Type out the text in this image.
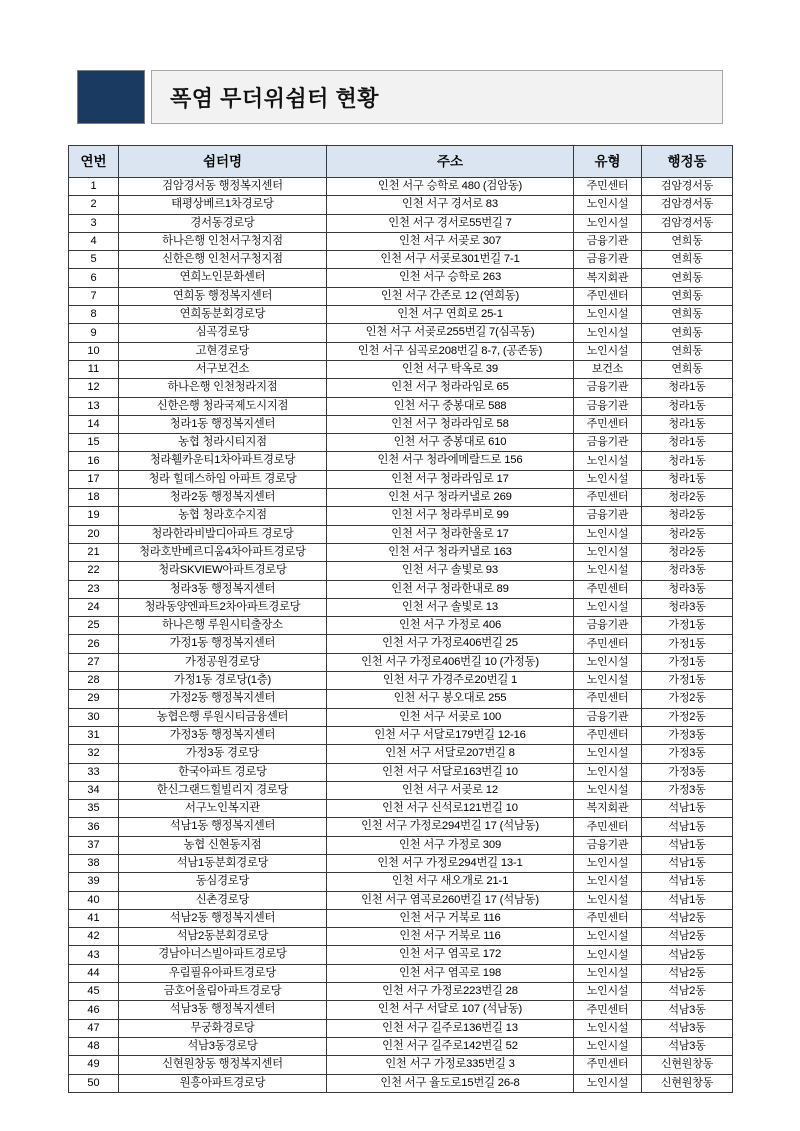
폭염 무더위쉼터 현황
연번	쉼터명	주소	유형	행정동
1	검암경서동 행정복지센터	인천 서구 승학로 480 (검암동)	주민센터	검암경서동
2	태평상베르1차경로당	인천 서구 경서로 83	노인시설	검암경서동
3	경서동경로당	인천 서구 경서로55번길 7	노인시설	검암경서동
4	하나은행 인천서구청지점	인천 서구 서곶로 307	금융기관	연희동
5	신한은행 인천서구청지점	인천 서구 서곶로301번길 7-1	금융기관	연희동
6	연희노인문화센터	인천 서구 승학로 263	복지회관	연희동
7	연희동 행정복지센터	인천 서구 간존로 12 (연희동)	주민센터	연희동
8	연희동분회경로당	인천 서구 연희로 25-1	노인시설	연희동
9	심곡경로당	인천 서구 서곶로255번길 7(심곡동)	노인시설	연희동
10	고현경로당	인천 서구 심곡로208번길 8-7, (공존동)	노인시설	연희동
11	서구보건소	인천 서구 탁옥로 39	보건소	연희동
12	하나은행 인천청라지점	인천 서구 청라라임로 65	금융기관	청라1동
13	신한은행 청라국제도시지점	인천 서구 중봉대로 588	금융기관	청라1동
14	청라1동 행정복지센터	인천 서구 청라라임로 58	주민센터	청라1동
15	농협 청라시티지점	인천 서구 중봉대로 610	금융기관	청라1동
16	청라휄카운티1차아파트경로당	인천 서구 청라에메랄드로 156	노인시설	청라1동
17	청라 힐데스하임 아파트 경로당	인천 서구 청라라임로 17	노인시설	청라1동
18	청라2동 행정복지센터	인천 서구 청라커낼로 269	주민센터	청라2동
19	농협 청라호수지점	인천 서구 청라루비로 99	금융기관	청라2동
20	청라한라비발디아파트 경로당	인천 서구 청라한울로 17	노인시설	청라2동
21	청라호반베르디움4차아파트경로당	인천 서구 청라커낼로 163	노인시설	청라2동
22	청라SKVIEW아파트경로당	인천 서구 솔빛로 93	노인시설	청라3동
23	청라3동 행정복지센터	인천 서구 청라한내로 89	주민센터	청라3동
24	청라동양엔파트2차아파트경로당	인천 서구 솔빛로 13	노인시설	청라3동
25	하나은행 루원시티출장소	인천 서구 가정로 406	금융기관	가정1동
26	가정1동 행정복지센터	인천 서구 가정로406번길 25	주민센터	가정1동
27	가정공원경로당	인천 서구 가정로406번길 10 (가정동)	노인시설	가정1동
28	가정1동 경로당(1층)	인천 서구 가경주로20번길 1	노인시설	가정1동
29	가정2동 행정복지센터	인천 서구 봉오대로 255	주민센터	가정2동
30	농협은행 루원시티금융센터	인천 서구 서곶로 100	금융기관	가정2동
31	가정3동 행정복지센터	인천 서구 서달로179번길 12-16	주민센터	가정3동
32	가정3동 경로당	인천 서구 서달로207번길 8	노인시설	가정3동
33	한국아파트 경로당	인천 서구 서달로163번길 10	노인시설	가정3동
34	한신그랜드힐빌리지 경로당	인천 서구 서곶로 12	노인시설	가정3동
35	서구노인복지관	인천 서구 신석로121번길 10	복지회관	석남1동
36	석남1동 행정복지센터	인천 서구 가정로294번길 17 (석남동)	주민센터	석남1동
37	농협 신현동지점	인천 서구 가정로 309	금융기관	석남1동
38	석남1동분회경로당	인천 서구 가정로294번길 13-1	노인시설	석남1동
39	동심경로당	인천 서구 새오개로 21-1	노인시설	석남1동
40	신촌경로당	인천 서구 염곡로260번길 17 (석남동)	노인시설	석남1동
41	석남2동 행정복지센터	인천 서구 거북로 116	주민센터	석남2동
42	석남2동분회경로당	인천 서구 거북로 116	노인시설	석남2동
43	경남아너스빌아파트경로당	인천 서구 염곡로 172	노인시설	석남2동
44	우림필유아파트경로당	인천 서구 염곡로 198	노인시설	석남2동
45	금호어울림아파트경로당	인천 서구 가정로223번길 28	노인시설	석남2동
46	석남3동 행정복지센터	인천 서구 서달로 107 (석남동)	주민센터	석남3동
47	무궁화경로당	인천 서구 길주로136번길 13	노인시설	석남3동
48	석남3동경로당	인천 서구 길주로142번길 52	노인시설	석남3동
49	신현원창동 행정복지센터	인천 서구 가정로335번길 3	주민센터	신현원창동
50	원흥아파트경로당	인천 서구 율도로15번길 26-8	노인시설	신현원창동
